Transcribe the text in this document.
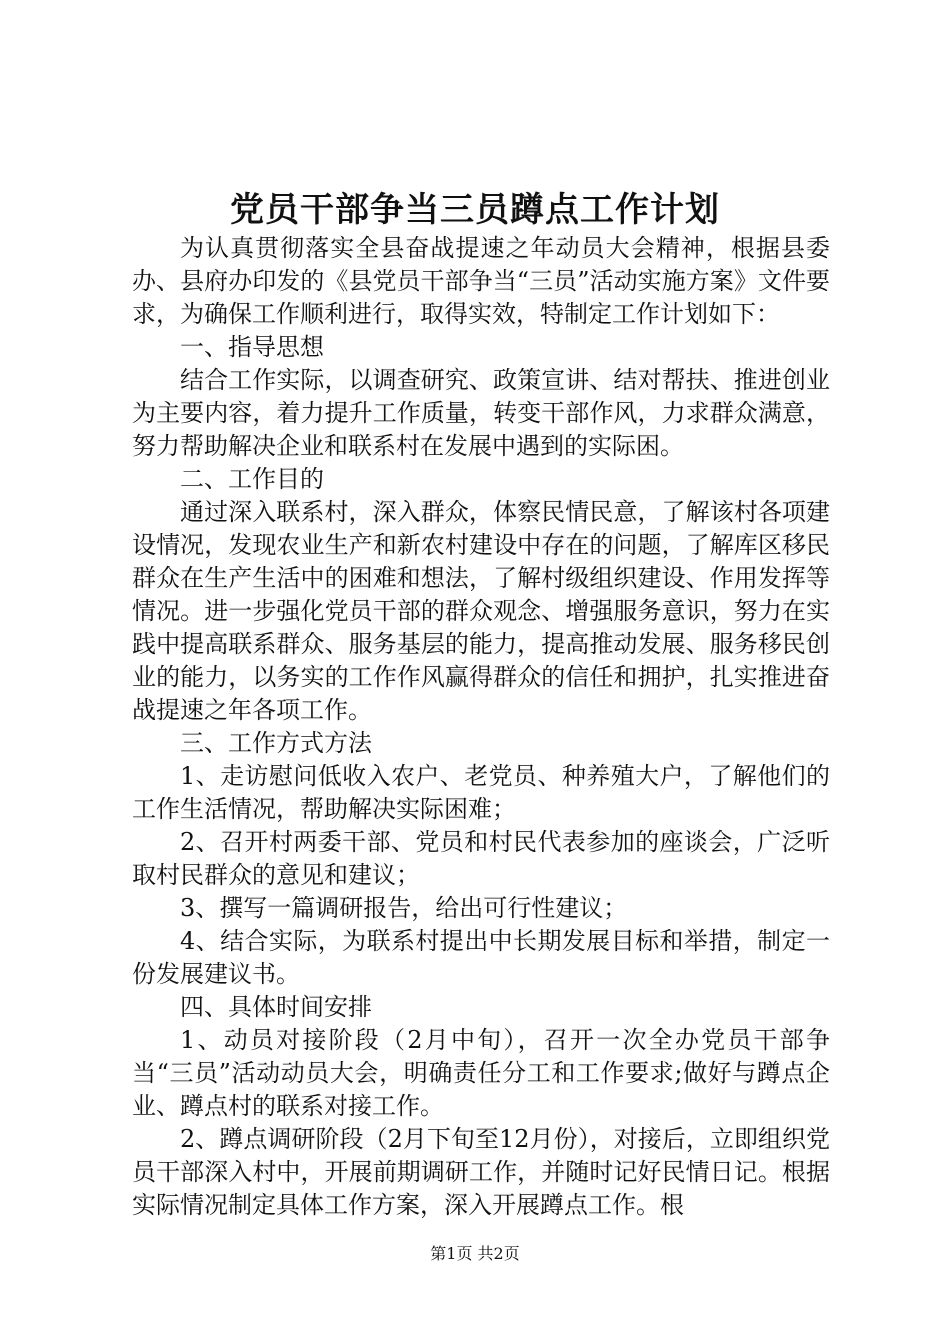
党员干部争当三员蹲点工作计划

为认真贯彻落实全县奋战提速之年动员大会精神，根据县委办、县府办印发的《县党员干部争当“三员”活动实施方案》文件要求，为确保工作顺利进行，取得实效，特制定工作计划如下：

一、指导思想

结合工作实际，以调查研究、政策宣讲、结对帮扶、推进创业为主要内容，着力提升工作质量，转变干部作风，力求群众满意，努力帮助解决企业和联系村在发展中遇到的实际困。

二、工作目的

通过深入联系村，深入群众，体察民情民意，了解该村各项建设情况，发现农业生产和新农村建设中存在的问题，了解库区移民群众在生产生活中的困难和想法，了解村级组织建设、作用发挥等情况。进一步强化党员干部的群众观念、增强服务意识，努力在实践中提高联系群众、服务基层的能力，提高推动发展、服务移民创业的能力，以务实的工作作风赢得群众的信任和拥护，扎实推进奋战提速之年各项工作。

三、工作方式方法

1、走访慰问低收入农户、老党员、种养殖大户，了解他们的工作生活情况，帮助解决实际困难；

2、召开村两委干部、党员和村民代表参加的座谈会，广泛听取村民群众的意见和建议；

3、撰写一篇调研报告，给出可行性建议；

4、结合实际，为联系村提出中长期发展目标和举措，制定一份发展建议书。

四、具体时间安排

1、动员对接阶段（2月中旬），召开一次全办党员干部争当“三员”活动动员大会，明确责任分工和工作要求;做好与蹲点企业、蹲点村的联系对接工作。

2、蹲点调研阶段（2月下旬至12月份），对接后，立即组织党员干部深入村中，开展前期调研工作，并随时记好民情日记。根据实际情况制定具体工作方案，深入开展蹲点工作。根

第1页 共2页
